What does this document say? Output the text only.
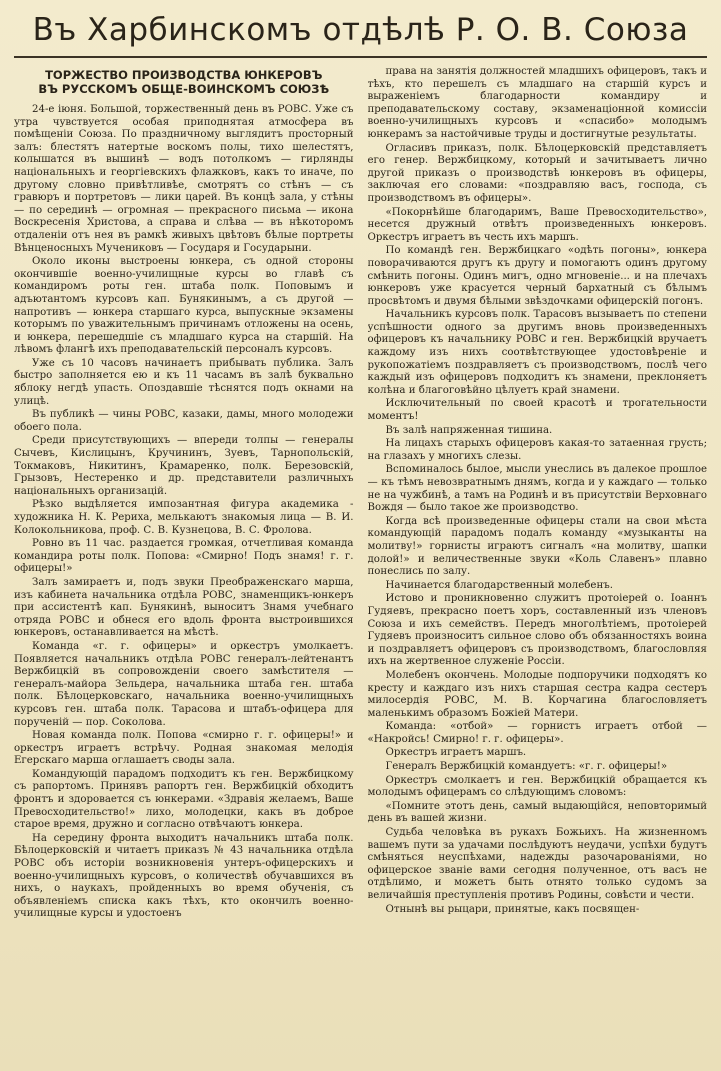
Въ Харбинскомъ отдѣлѣ Р. О. В. Союза
ТОРЖЕСТВО ПРОИЗВОДСТВА ЮНКЕРОВЪ
ВЪ РУССКОМЪ ОБЩЕ-ВОИНСКОМЪ СОЮЗѢ

24-е іюня. Большой, торжественный день въ РОВС. Уже съ утра чувствуется особая приподнятая атмосфера въ помѣщеніи Союза. По праздничному выглядитъ просторный залъ: блестятъ натертые воскомъ полы, тихо шелестятъ, колышатся въ вышинѣ — водъ потолкомъ — гирлянды національныхъ и георгіевскихъ флажковъ, какъ то иначе, по другому словно привѣтливѣе, смотрятъ со стѣнъ — съ гравюръ и портретовъ — лики царей. Въ концѣ зала, у стѣны — по серединѣ — огромная — прекрасного письма — икона Воскресенія Христова, а справа и слѣва — въ нѣкоторомъ отдаленіи отъ нея въ рамкѣ живыхъ цвѣтовъ бѣлые портреты Вѣнценосныхъ Мучениковъ — Государя и Государыни.

Около иконы выстроены юнкера, съ одной стороны окончившіе военно-училищные курсы во главѣ съ командиромъ роты ген. штаба полк. Поповымъ и адъютантомъ курсовъ кап. Бунякинымъ, а съ другой — напротивъ — юнкера старшаго курса, выпускные экзамены которымъ по уважительнымъ причинамъ отложены на осень, и юнкера, перешедшіе съ младшаго курса на старшій. На лѣвомъ флангѣ ихъ преподавательскій персоналъ курсовъ.

Уже съ 10 часовъ начинаетъ прибывать публика. Залъ быстро заполняется ею и къ 11 часамъ въ залѣ буквально яблоку негдѣ упасть. Опоздавшіе тѣснятся подъ окнами на улицѣ.

Въ публикѣ — чины РОВС, казаки, дамы, много молодежи обоего пола.

Среди присутствующихъ — впереди толпы — генералы Сычевъ, Кислицынъ, Кручининъ, Зуевъ, Тарнопольскій, Токмаковъ, Никитинъ, Крамаренко, полк. Березовскій, Грызовъ, Нестеренко и др. представители различныхъ національныхъ организацій.

Рѣзко выдѣляется импозантная фигура академика - художника Н. К. Рериха, мелькаютъ знакомыя лица — В. И. Колокольникова, проф. С. В. Кузнецова, В. С. Фролова.

Ровно въ 11 час. раздается громкая, отчетливая команда командира роты полк. Попова: «Смирно! Подъ знамя! г. г. офицеры!»

Залъ замираетъ и, подъ звуки Преображенскаго марша, изъ кабинета начальника отдѣла РОВС, знаменщикъ-юнкеръ при ассистентѣ кап. Бунякинѣ, выноситъ Знамя учебнаго отряда РОВС и обнеся его вдоль фронта выстроившихся юнкеровъ, останавливается на мѣстѣ.

Команда «г. г. офицеры» и оркестръ умолкаетъ. Появляется начальникъ отдѣла РОВС генералъ-лейтенантъ Вержбицкій въ сопровожденіи своего замѣстителя — генералъ-майора Зельдера, начальника штаба ген. штаба полк. Бѣлоцерковскаго, начальника военно-училищныхъ курсовъ ген. штаба полк. Тарасова и штабъ-офицера для порученій — пор. Соколова.

Новая команда полк. Попова «смирно г. г. офицеры!» и оркестръ играетъ встрѣчу. Родная знакомая мелодія Егерскаго марша оглашаетъ своды зала.

Командующій парадомъ подходитъ къ ген. Вержбицкому съ рапортомъ. Принявъ рапортъ ген. Вержбицкій обходитъ фронтъ и здоровается съ юнкерами. «Здравія желаемъ, Ваше Превосходительство!» лихо, молодецки, какъ въ доброе старое время, дружно и согласно отвѣчаютъ юнкера.

На середину фронта выходитъ начальникъ штаба полк. Бѣлоцерковскій и читаетъ приказъ № 43 начальника отдѣла РОВС объ исторіи возникновенія унтеръ-офицерскихъ и военно-училищныхъ курсовъ, о количествѣ обучавшихся въ нихъ, о наукахъ, пройденныхъ во время обученія, съ объявленіемъ списка какъ тѣхъ, кто окончилъ военно-училищные курсы и удостоенъ

права на занятія должностей младшихъ офицеровъ, такъ и тѣхъ, кто перешелъ съ младшаго на старшій курсъ и выраженіемъ благодарности командиру и преподавательскому составу, экзаменаціонной комиссіи военно-училищныхъ курсовъ и «спасибо» молодымъ юнкерамъ за настойчивые труды и достигнутые результаты.

Огласивъ приказъ, полк. Бѣлоцерковскій представляетъ его генер. Вержбицкому, который и зачитываетъ лично другой приказъ о производствѣ юнкеровъ въ офицеры, заключая его словами: «поздравляю васъ, господа, съ производствомъ въ офицеры».

«Покорнѣйше благодаримъ, Ваше Превосходительство», несется дружный отвѣтъ произведенныхъ юнкеровъ. Оркестръ играетъ въ честь ихъ маршъ.

По командѣ ген. Вержбицкаго «одѣть погоны», юнкера поворачиваются другъ къ другу и помогаютъ одинъ другому смѣнить погоны. Одинъ мигъ, одно мгновеніе... и на плечахъ юнкеровъ уже красуется черный бархатный съ бѣлымъ просвѣтомъ и двумя бѣлыми звѣздочками офицерскій погонъ.

Начальникъ курсовъ полк. Тарасовъ вызываетъ по степени успѣшности одного за другимъ вновь произведенныхъ офицеровъ къ начальнику РОВС и ген. Вержбицкій вручаетъ каждому изъ нихъ соотвѣтствующее удостовѣреніе и рукопожатіемъ поздравляетъ съ производствомъ, послѣ чего каждый изъ офицеровъ подходитъ къ знамени, преклоняетъ колѣна и благоговѣйно цѣлуетъ край знамени.

Исключительный по своей красотѣ и трогательности моментъ!

Въ залѣ напряженная тишина.

На лицахъ старыхъ офицеровъ какая-то затаенная грусть; на глазахъ у многихъ слезы.

Вспоминалось былое, мысли унеслись въ далекое прошлое — къ тѣмъ невозвратнымъ днямъ, когда и у каждаго — только не на чужбинѣ, а тамъ на Родинѣ и въ присутствіи Верховнаго Вождя — было такое же производство.

Когда всѣ произведенные офицеры стали на свои мѣста командующій парадомъ подалъ команду «музыканты на молитву!» горнисты играютъ сигналъ «на молитву, шапки долой!» и величественные звуки «Коль Славенъ» плавно понеслись по залу.

Начинается благодарственный молебенъ.

Истово и проникновенно служитъ протоіерей о. Іоаннъ Гудяевъ, прекрасно поетъ хоръ, составленный изъ членовъ Союза и ихъ семействъ. Передъ многолѣтіемъ, протоіерей Гудяевъ произноситъ сильное слово объ обязанностяхъ воина и поздравляетъ офицеровъ съ производствомъ, благословляя ихъ на жертвенное служеніе Россіи.

Молебенъ окончень. Молодые подпоручики подходятъ ко кресту и каждаго изъ нихъ старшая сестра кадра сестеръ милосердія РОВС, М. В. Корчагина благословляетъ маленькимъ образомъ Божіей Матери.

Команда: «отбой» — горнистъ играетъ отбой — «Накройсь! Смирно! г. г. офицеры».

Оркестръ играетъ маршъ.

Генералъ Вержбицкій командуетъ: «г. г. офицеры!»

Оркестръ смолкаетъ и ген. Вержбицкій обращается къ молодымъ офицерамъ со слѣдующимъ словомъ:

«Помните этотъ день, самый выдающійся, неповторимый день въ вашей жизни.

Судьба человѣка въ рукахъ Божьихъ. На жизненномъ вашемъ пути за удачами послѣдуютъ неудачи, успѣхи будутъ смѣняться неуспѣхами, надежды разочарованіями, но офицерское званіе вами сегодня полученное, отъ васъ не отдѣлимо, и можетъ быть отнято только судомъ за величайшія преступленія противъ Родины, совѣсти и чести.

Отнынѣ вы рыцари, принятые, какъ посвящен-
